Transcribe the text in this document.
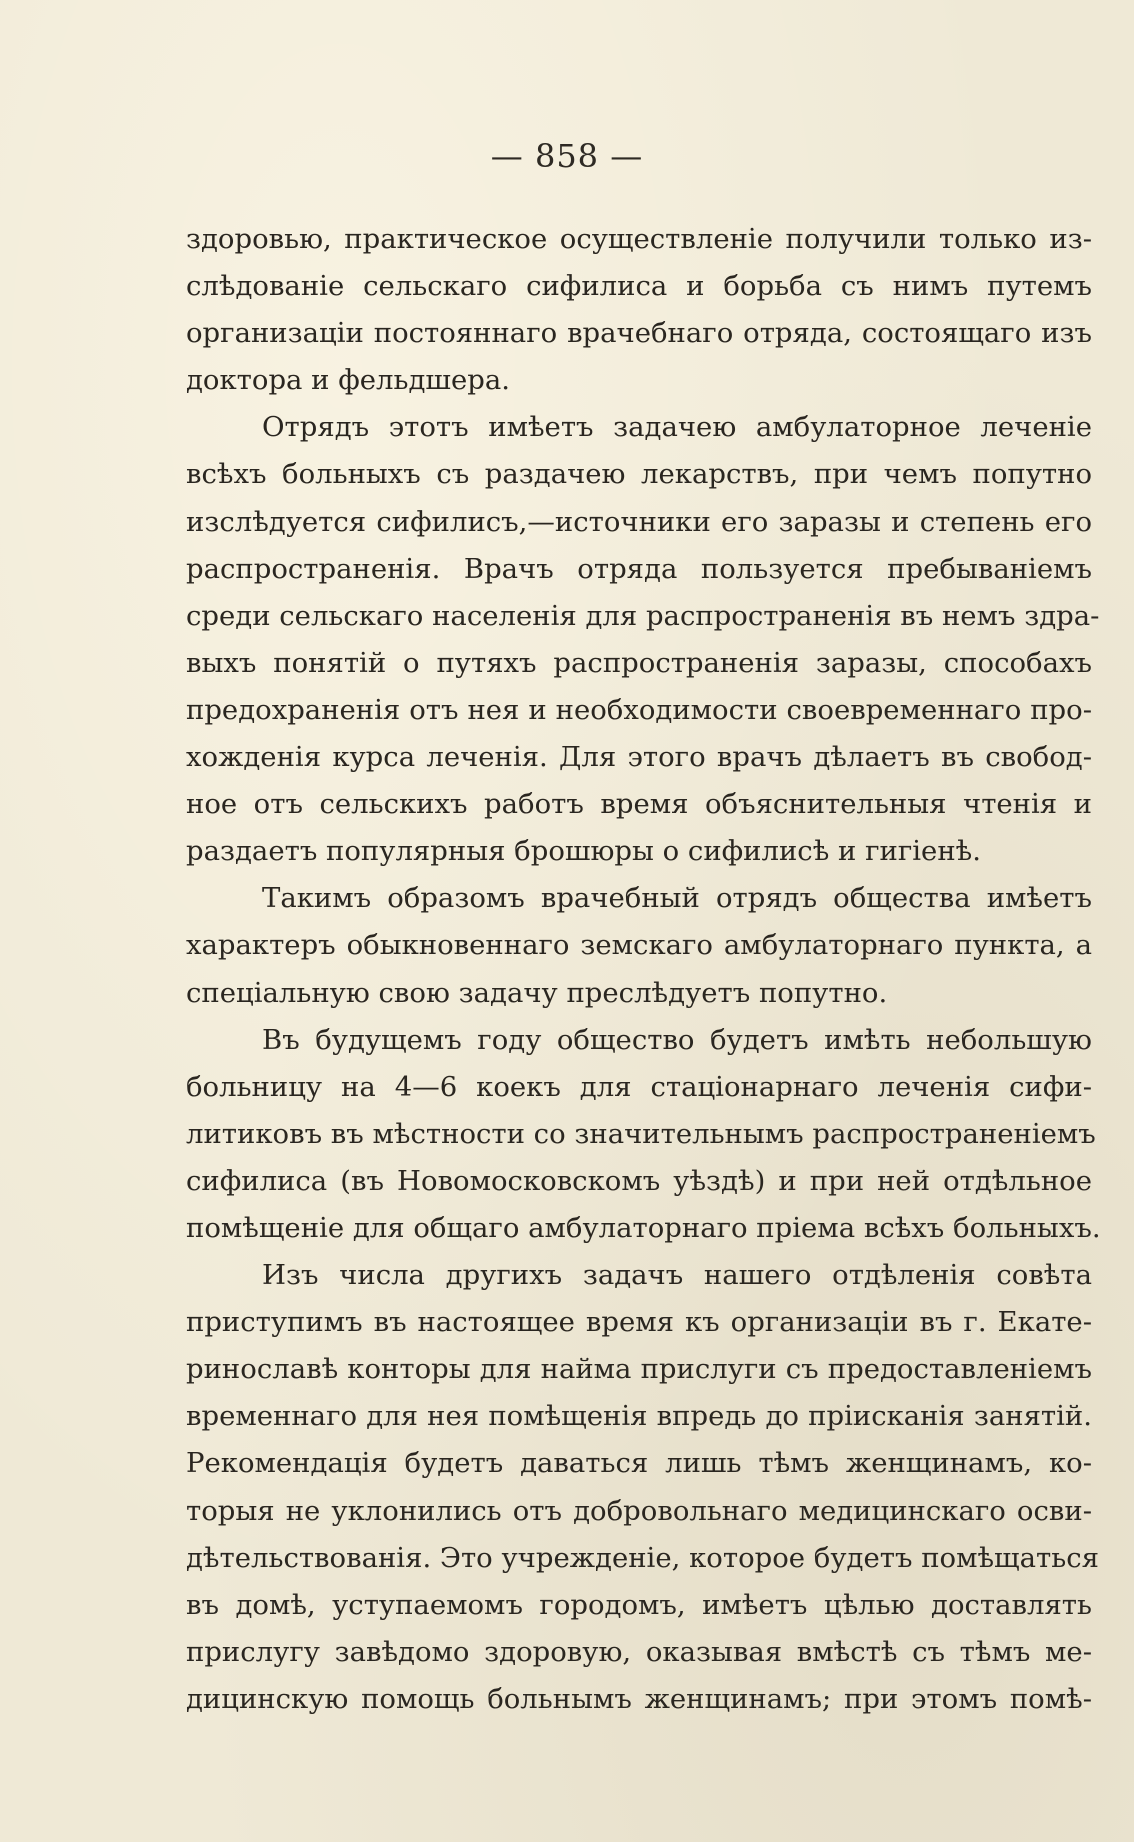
— 858 —
здоровью, практическое осуществленіе получили только из-
слѣдованіе сельскаго сифилиса и борьба съ нимъ путемъ
организаціи постояннаго врачебнаго отряда, состоящаго изъ
доктора и фельдшера.
Отрядъ этотъ имѣетъ задачею амбулаторное леченіе
всѣхъ больныхъ съ раздачею лекарствъ, при чемъ попутно
изслѣдуется сифилисъ,—источники его заразы и степень его
распространенія. Врачъ отряда пользуется пребываніемъ
среди сельскаго населенія для распространенія въ немъ здра-
выхъ понятій о путяхъ распространенія заразы, способахъ
предохраненія отъ нея и необходимости своевременнаго про-
хожденія курса леченія. Для этого врачъ дѣлаетъ въ свобод-
ное отъ сельскихъ работъ время объяснительныя чтенія и
раздаетъ популярныя брошюры о сифилисѣ и гигіенѣ.
Такимъ образомъ врачебный отрядъ общества имѣетъ
характеръ обыкновеннаго земскаго амбулаторнаго пункта, а
спеціальную свою задачу преслѣдуетъ попутно.
Въ будущемъ году общество будетъ имѣть небольшую
больницу на 4—6 коекъ для стаціонарнаго леченія сифи-
литиковъ въ мѣстности со значительнымъ распространеніемъ
сифилиса (въ Новомосковскомъ уѣздѣ) и при ней отдѣльное
помѣщеніе для общаго амбулаторнаго пріема всѣхъ больныхъ.
Изъ числа другихъ задачъ нашего отдѣленія совѣта
приступимъ въ настоящее время къ организаціи въ г. Екате-
ринославѣ конторы для найма прислуги съ предоставленіемъ
временнаго для нея помѣщенія впредь до пріисканія занятій.
Рекомендація будетъ даваться лишь тѣмъ женщинамъ, ко-
торыя не уклонились отъ добровольнаго медицинскаго осви-
дѣтельствованія. Это учрежденіе, которое будетъ помѣщаться
въ домѣ, уступаемомъ городомъ, имѣетъ цѣлью доставлять
прислугу завѣдомо здоровую, оказывая вмѣстѣ съ тѣмъ ме-
дицинскую помощь больнымъ женщинамъ; при этомъ помѣ-
